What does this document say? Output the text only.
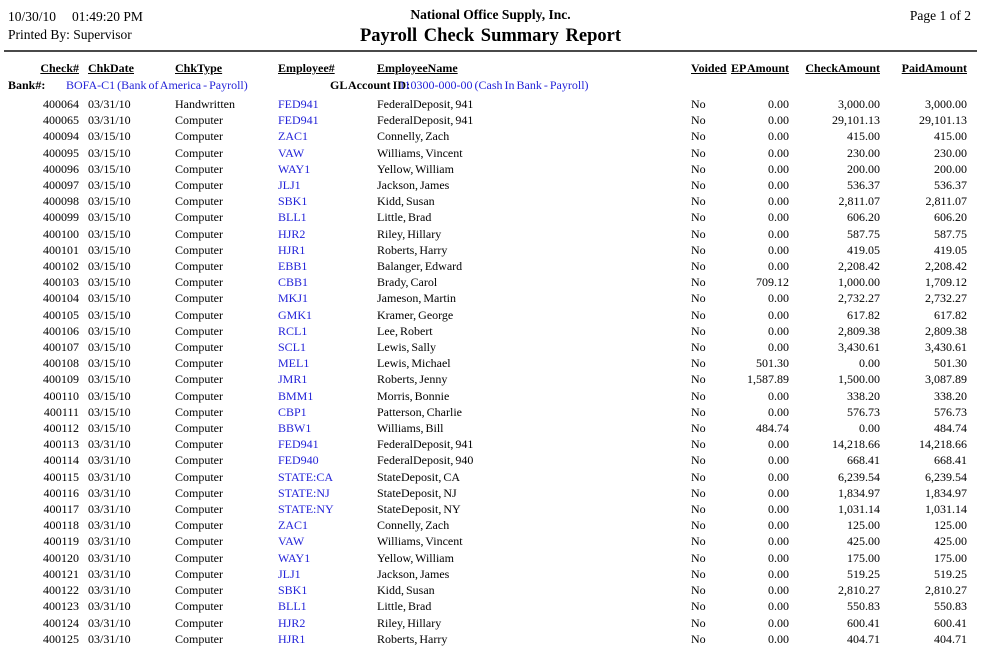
10/30/10 01:49:20 PM
Printed By: Supervisor
National Office Supply, Inc.
Payroll Check Summary Report
Page 1 of 2
Check#	ChkDate	ChkType	Employee#	EmployeeName	Voided	EP Amount	CheckAmount	PaidAmount

Bank#: BOFA-C1 (Bank of America - Payroll) GL Account ID:
110300-000-00 (Cash In Bank - Payroll)								

400064	03/31/10	Handwritten	FED941	FederalDeposit, 941	No	0.00	3,000.00	3,000.00
400065	03/31/10	Computer	FED941	FederalDeposit, 941	No	0.00	29,101.13	29,101.13
400094	03/15/10	Computer	ZAC1	Connelly, Zach	No	0.00	415.00	415.00
400095	03/15/10	Computer	VAW	Williams, Vincent	No	0.00	230.00	230.00
400096	03/15/10	Computer	WAY1	Yellow, William	No	0.00	200.00	200.00
400097	03/15/10	Computer	JLJ1	Jackson, James	No	0.00	536.37	536.37
400098	03/15/10	Computer	SBK1	Kidd, Susan	No	0.00	2,811.07	2,811.07
400099	03/15/10	Computer	BLL1	Little, Brad	No	0.00	606.20	606.20
400100	03/15/10	Computer	HJR2	Riley, Hillary	No	0.00	587.75	587.75
400101	03/15/10	Computer	HJR1	Roberts, Harry	No	0.00	419.05	419.05
400102	03/15/10	Computer	EBB1	Balanger, Edward	No	0.00	2,208.42	2,208.42
400103	03/15/10	Computer	CBB1	Brady, Carol	No	709.12	1,000.00	1,709.12
400104	03/15/10	Computer	MKJ1	Jameson, Martin	No	0.00	2,732.27	2,732.27
400105	03/15/10	Computer	GMK1	Kramer, George	No	0.00	617.82	617.82
400106	03/15/10	Computer	RCL1	Lee, Robert	No	0.00	2,809.38	2,809.38
400107	03/15/10	Computer	SCL1	Lewis, Sally	No	0.00	3,430.61	3,430.61
400108	03/15/10	Computer	MEL1	Lewis, Michael	No	501.30	0.00	501.30
400109	03/15/10	Computer	JMR1	Roberts, Jenny	No	1,587.89	1,500.00	3,087.89
400110	03/15/10	Computer	BMM1	Morris, Bonnie	No	0.00	338.20	338.20
400111	03/15/10	Computer	CBP1	Patterson, Charlie	No	0.00	576.73	576.73
400112	03/15/10	Computer	BBW1	Williams, Bill	No	484.74	0.00	484.74
400113	03/31/10	Computer	FED941	FederalDeposit, 941	No	0.00	14,218.66	14,218.66
400114	03/31/10	Computer	FED940	FederalDeposit, 940	No	0.00	668.41	668.41
400115	03/31/10	Computer	STATE:CA	StateDeposit, CA	No	0.00	6,239.54	6,239.54
400116	03/31/10	Computer	STATE:NJ	StateDeposit, NJ	No	0.00	1,834.97	1,834.97
400117	03/31/10	Computer	STATE:NY	StateDeposit, NY	No	0.00	1,031.14	1,031.14
400118	03/31/10	Computer	ZAC1	Connelly, Zach	No	0.00	125.00	125.00
400119	03/31/10	Computer	VAW	Williams, Vincent	No	0.00	425.00	425.00
400120	03/31/10	Computer	WAY1	Yellow, William	No	0.00	175.00	175.00
400121	03/31/10	Computer	JLJ1	Jackson, James	No	0.00	519.25	519.25
400122	03/31/10	Computer	SBK1	Kidd, Susan	No	0.00	2,810.27	2,810.27
400123	03/31/10	Computer	BLL1	Little, Brad	No	0.00	550.83	550.83
400124	03/31/10	Computer	HJR2	Riley, Hillary	No	0.00	600.41	600.41
400125	03/31/10	Computer	HJR1	Roberts, Harry	No	0.00	404.71	404.71
